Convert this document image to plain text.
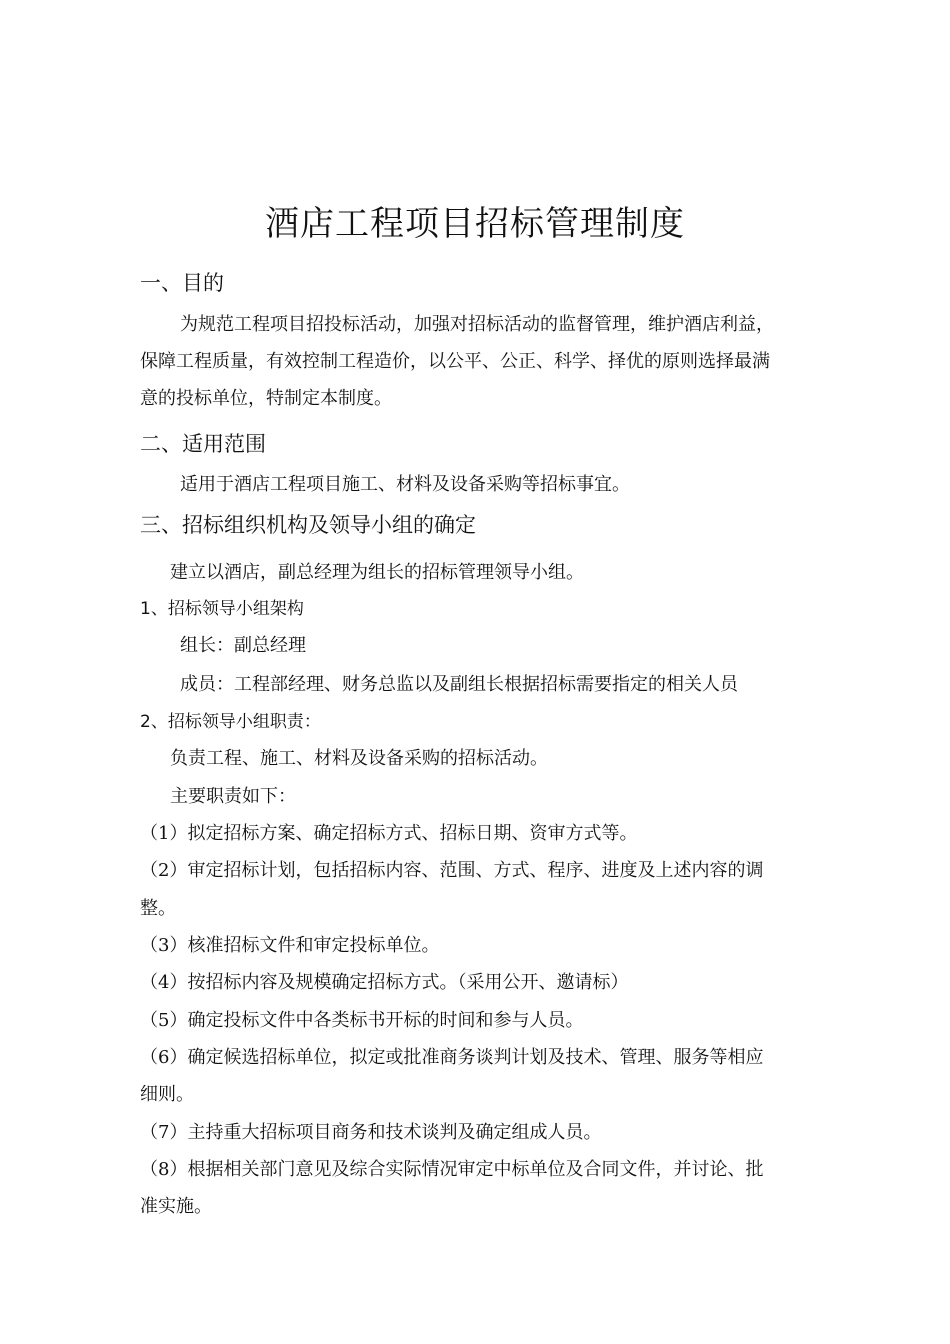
酒店工程项目招标管理制度
一、目的
为规范工程项目招投标活动，加强对招标活动的监督管理，维护酒店利益，
保障工程质量，有效控制工程造价，以公平、公正、科学、择优的原则选择最满
意的投标单位，特制定本制度。
二、适用范围
适用于酒店工程项目施工、材料及设备采购等招标事宜。
三、招标组织机构及领导小组的确定
建立以酒店，副总经理为组长的招标管理领导小组。
1、招标领导小组架构
组长：副总经理
成员：工程部经理、财务总监以及副组长根据招标需要指定的相关人员
2、招标领导小组职责：
负责工程、施工、材料及设备采购的招标活动。
主要职责如下：
（1）拟定招标方案、确定招标方式、招标日期、资审方式等。
（2）审定招标计划，包括招标内容、范围、方式、程序、进度及上述内容的调
整。
（3）核准招标文件和审定投标单位。
（4）按招标内容及规模确定招标方式。（采用公开、邀请标）
（5）确定投标文件中各类标书开标的时间和参与人员。
（6）确定候选招标单位，拟定或批准商务谈判计划及技术、管理、服务等相应
细则。
（7）主持重大招标项目商务和技术谈判及确定组成人员。
（8）根据相关部门意见及综合实际情况审定中标单位及合同文件，并讨论、批
准实施。
